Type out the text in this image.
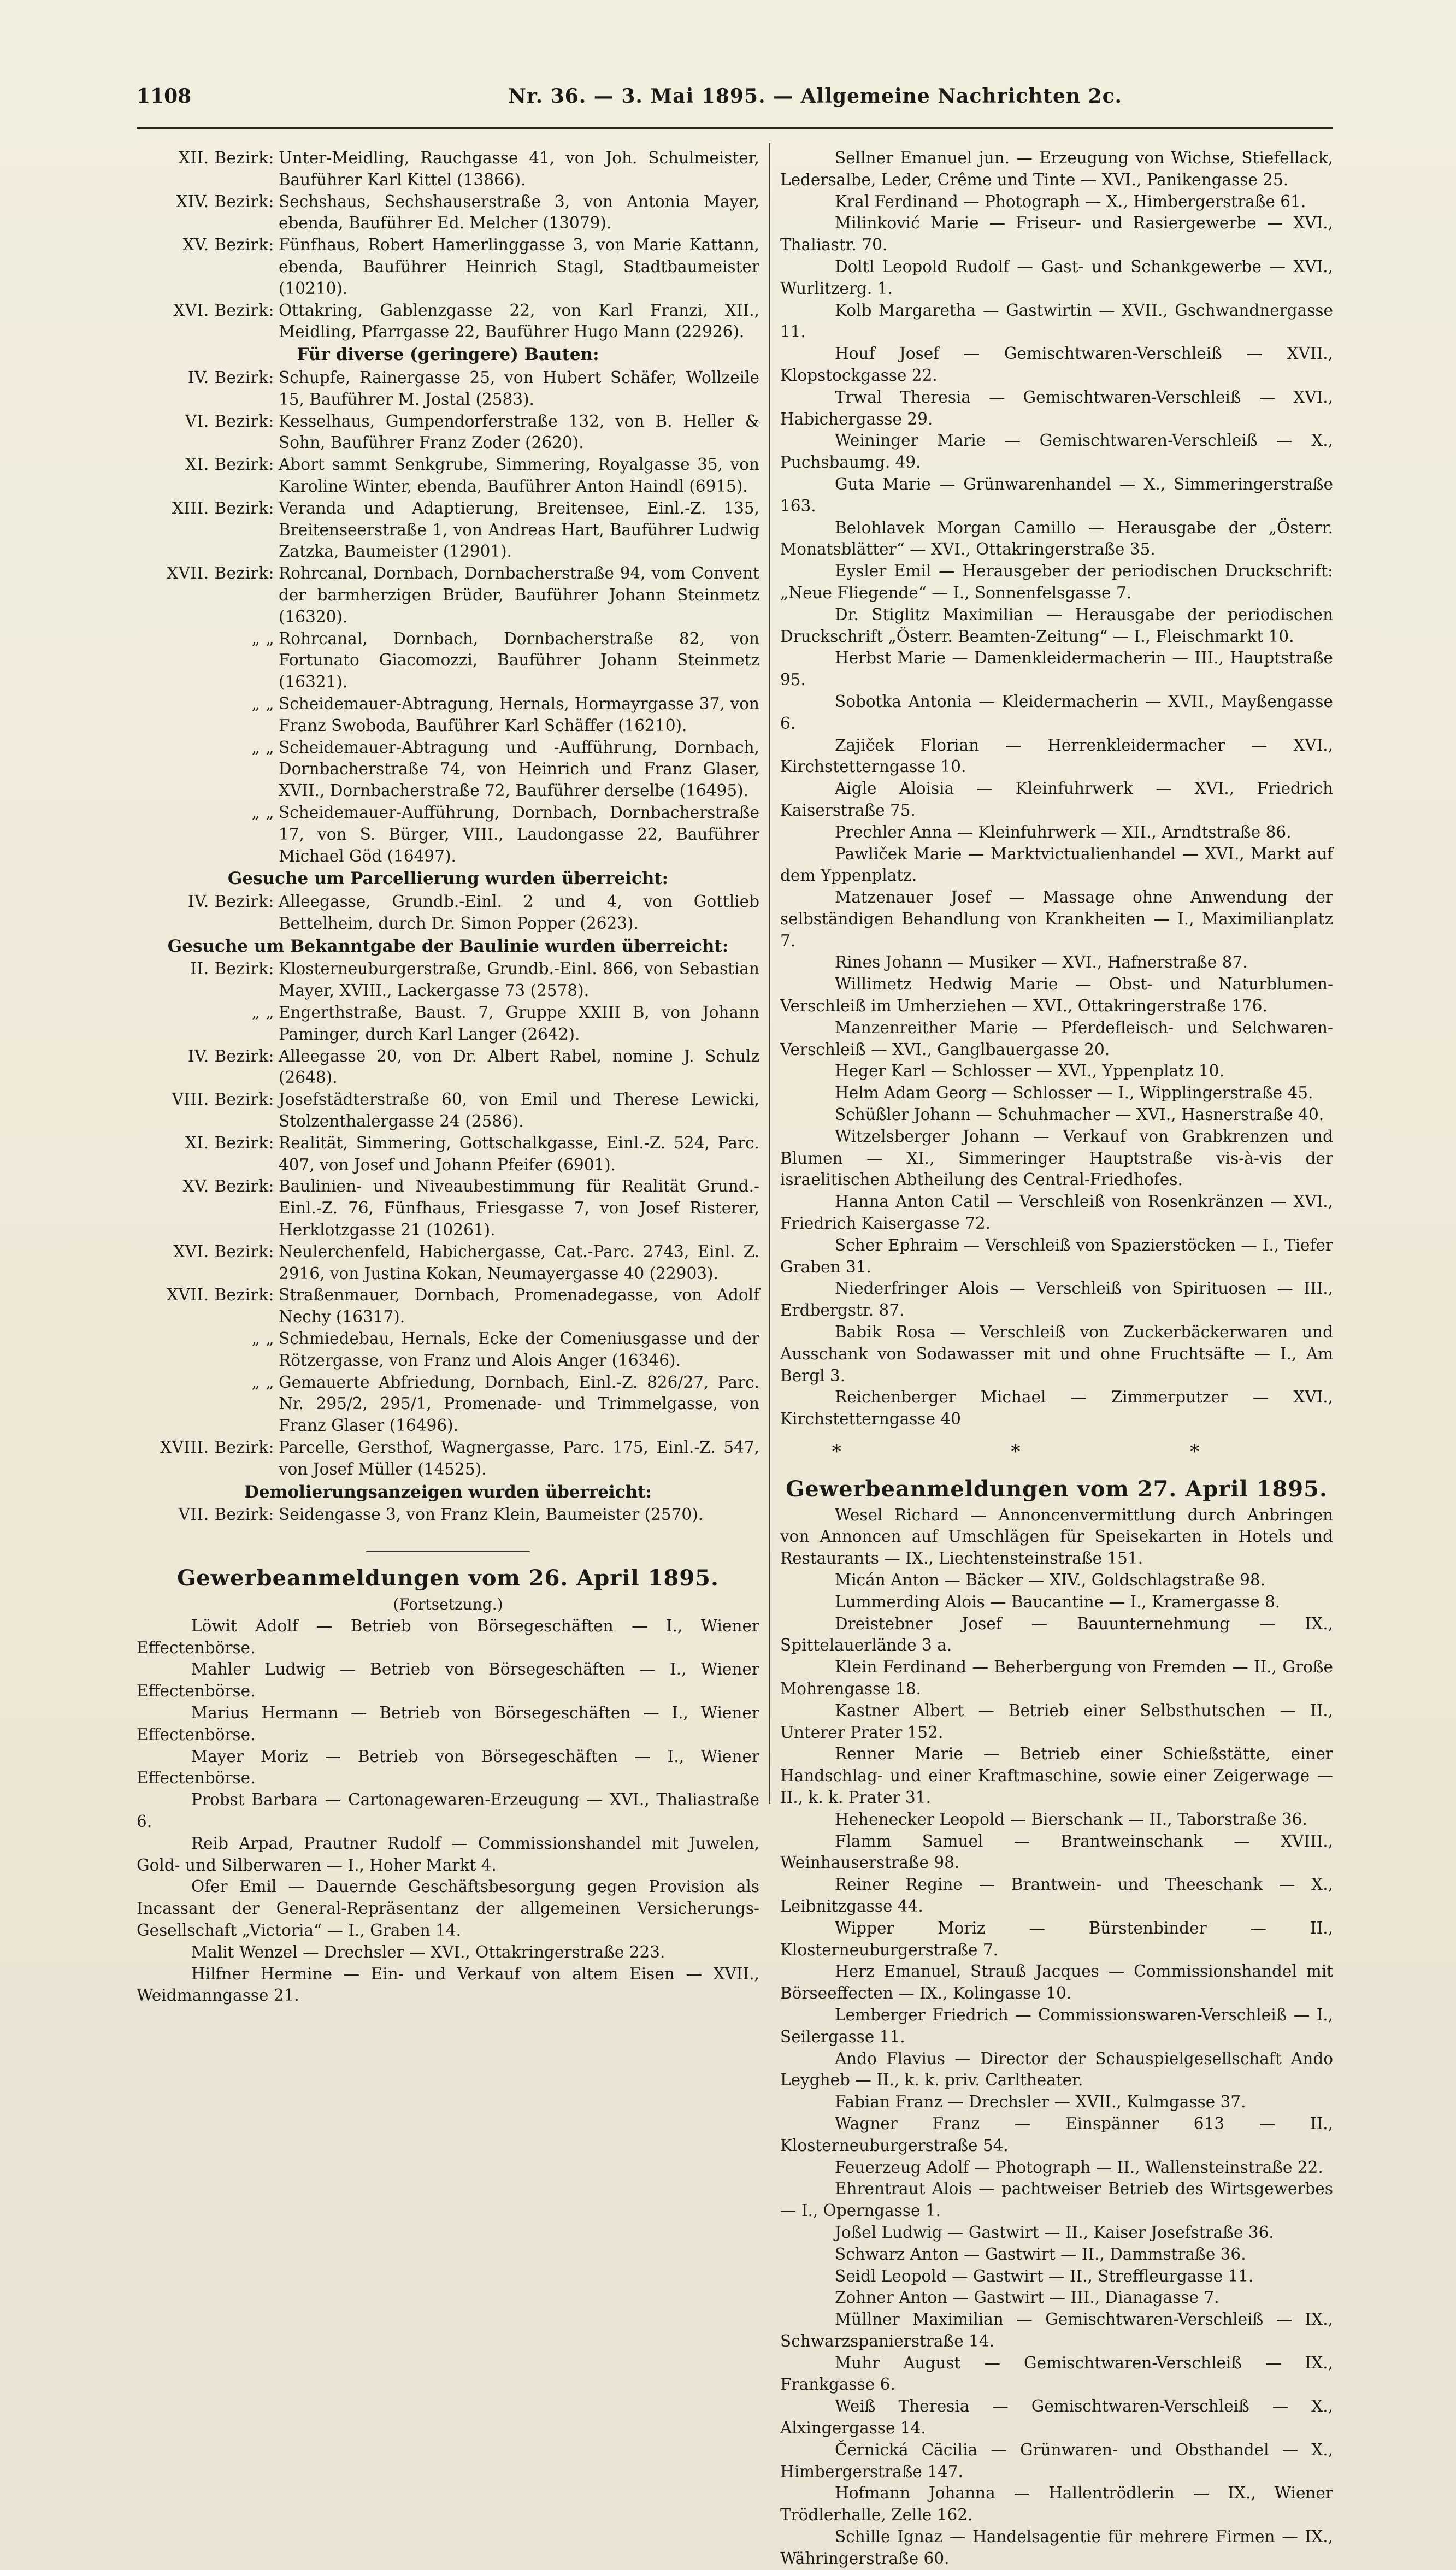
1108	Nr. 36. — 3. Mai 1895. — Allgemeine Nachrichten 2c.
XII. Bezirk: Unter-Meidling, Rauchgasse 41, von Joh. Schulmeister, Bauführer Karl Kittel (13866).
XIV. Bezirk: Sechshaus, Sechshauserstraße 3, von Antonia Mayer, ebenda, Bauführer Ed. Melcher (13079).
XV. Bezirk: Fünfhaus, Robert Hamerlinggasse 3, von Marie Kattann, ebenda, Bauführer Heinrich Stagl, Stadtbaumeister (10210).
XVI. Bezirk: Ottakring, Gablenzgasse 22, von Karl Franzi, XII., Meidling, Pfarrgasse 22, Bauführer Hugo Mann (22926).
Für diverse (geringere) Bauten:
IV. Bezirk: Schupfe, Rainergasse 25, von Hubert Schäfer, Wollzeile 15, Bauführer M. Jostal (2583).
VI. Bezirk: Kesselhaus, Gumpendorferstraße 132, von B. Heller & Sohn, Bauführer Franz Zoder (2620).
XI. Bezirk: Abort sammt Senkgrube, Simmering, Royalgasse 35, von Karoline Winter, ebenda, Bauführer Anton Haindl (6915).
XIII. Bezirk: Veranda und Adaptierung, Breitensee, Einl.-Z. 135, Breitenseerstraße 1, von Andreas Hart, Bauführer Ludwig Zatzka, Baumeister (12901).
XVII. Bezirk: Rohrcanal, Dornbach, Dornbacherstraße 94, vom Convent der barmherzigen Brüder, Bauführer Johann Steinmetz (16320).
„ „ Rohrcanal, Dornbach, Dornbacherstraße 82, von Fortunato Giacomozzi, Bauführer Johann Steinmetz (16321).
„ „ Scheidemauer-Abtragung, Hernals, Hormayrgasse 37, von Franz Swoboda, Bauführer Karl Schäffer (16210).
„ „ Scheidemauer-Abtragung und -Aufführung, Dornbach, Dornbacherstraße 74, von Heinrich und Franz Glaser, XVII., Dornbacherstraße 72, Bauführer derselbe (16495).
„ „ Scheidemauer-Aufführung, Dornbach, Dornbacherstraße 17, von S. Bürger, VIII., Laudongasse 22, Bauführer Michael Göd (16497).
Gesuche um Parcellierung wurden überreicht:
IV. Bezirk: Alleegasse, Grundb.-Einl. 2 und 4, von Gottlieb Bettelheim, durch Dr. Simon Popper (2623).
Gesuche um Bekanntgabe der Baulinie wurden überreicht:
II. Bezirk: Klosterneuburgerstraße, Grundb.-Einl. 866, von Sebastian Mayer, XVIII., Lackergasse 73 (2578).
„ „ Engerthstraße, Baust. 7, Gruppe XXIII B, von Johann Paminger, durch Karl Langer (2642).
IV. Bezirk: Alleegasse 20, von Dr. Albert Rabel, nomine J. Schulz (2648).
VIII. Bezirk: Josefstädterstraße 60, von Emil und Therese Lewicki, Stolzenthalergasse 24 (2586).
XI. Bezirk: Realität, Simmering, Gottschalkgasse, Einl.-Z. 524, Parc. 407, von Josef und Johann Pfeifer (6901).
XV. Bezirk: Baulinien- und Niveaubestimmung für Realität Grund.-Einl.-Z. 76, Fünfhaus, Friesgasse 7, von Josef Risterer, Herklotzgasse 21 (10261).
XVI. Bezirk: Neulerchenfeld, Habichergasse, Cat.-Parc. 2743, Einl. Z. 2916, von Justina Kokan, Neumayergasse 40 (22903).
XVII. Bezirk: Straßenmauer, Dornbach, Promenadegasse, von Adolf Nechy (16317).
„ „ Schmiedebau, Hernals, Ecke der Comeniusgasse und der Rötzergasse, von Franz und Alois Anger (16346).
„ „ Gemauerte Abfriedung, Dornbach, Einl.-Z. 826/27, Parc. Nr. 295/2, 295/1, Promenade- und Trimmelgasse, von Franz Glaser (16496).
XVIII. Bezirk: Parcelle, Gersthof, Wagnergasse, Parc. 175, Einl.-Z. 547, von Josef Müller (14525).
Demolierungsanzeigen wurden überreicht:
VII. Bezirk: Seidengasse 3, von Franz Klein, Baumeister (2570).
Gewerbeanmeldungen vom 26. April 1895.
(Fortsetzung.)
Löwit Adolf — Betrieb von Börsegeschäften — I., Wiener Effectenbörse.
Mahler Ludwig — Betrieb von Börsegeschäften — I., Wiener Effectenbörse.
Marius Hermann — Betrieb von Börsegeschäften — I., Wiener Effectenbörse.
Mayer Moriz — Betrieb von Börsegeschäften — I., Wiener Effectenbörse.
Probst Barbara — Cartonagewaren-Erzeugung — XVI., Thaliastraße 6.
Reib Arpad, Prautner Rudolf — Commissionshandel mit Juwelen, Gold- und Silberwaren — I., Hoher Markt 4.
Ofer Emil — Dauernde Geschäftsbesorgung gegen Provision als Incassant der General-Repräsentanz der allgemeinen Versicherungs-Gesellschaft „Victoria“ — I., Graben 14.
Malit Wenzel — Drechsler — XVI., Ottakringerstraße 223.
Hilfner Hermine — Ein- und Verkauf von altem Eisen — XVII., Weidmanngasse 21.
Sellner Emanuel jun. — Erzeugung von Wichse, Stiefellack, Ledersalbe, Leder, Crême und Tinte — XVI., Panikengasse 25.
Kral Ferdinand — Photograph — X., Himbergerstraße 61.
Milinković Marie — Friseur- und Rasiergewerbe — XVI., Thaliastr. 70.
Doltl Leopold Rudolf — Gast- und Schankgewerbe — XVI., Wurlitzerg. 1.
Kolb Margaretha — Gastwirtin — XVII., Gschwandnergasse 11.
Houf Josef — Gemischtwaren-Verschleiß — XVII., Klopstockgasse 22.
Trwal Theresia — Gemischtwaren-Verschleiß — XVI., Habichergasse 29.
Weininger Marie — Gemischtwaren-Verschleiß — X., Puchsbaumg. 49.
Guta Marie — Grünwarenhandel — X., Simmeringerstraße 163.
Belohlavek Morgan Camillo — Herausgabe der „Österr. Monatsblätter“ — XVI., Ottakringerstraße 35.
Eysler Emil — Herausgeber der periodischen Druckschrift: „Neue Fliegende“ — I., Sonnenfelsgasse 7.
Dr. Stiglitz Maximilian — Herausgabe der periodischen Druckschrift „Österr. Beamten-Zeitung“ — I., Fleischmarkt 10.
Herbst Marie — Damenkleidermacherin — III., Hauptstraße 95.
Sobotka Antonia — Kleidermacherin — XVII., Mayßengasse 6.
Zajiček Florian — Herrenkleidermacher — XVI., Kirchstetterngasse 10.
Aigle Aloisia — Kleinfuhrwerk — XVI., Friedrich Kaiserstraße 75.
Prechler Anna — Kleinfuhrwerk — XII., Arndtstraße 86.
Pawliček Marie — Marktvictualienhandel — XVI., Markt auf dem Yppenplatz.
Matzenauer Josef — Massage ohne Anwendung der selbständigen Behandlung von Krankheiten — I., Maximilianplatz 7.
Rines Johann — Musiker — XVI., Hafnerstraße 87.
Willimetz Hedwig Marie — Obst- und Naturblumen-Verschleiß im Umherziehen — XVI., Ottakringerstraße 176.
Manzenreither Marie — Pferdefleisch- und Selchwaren-Verschleiß — XVI., Ganglbauergasse 20.
Heger Karl — Schlosser — XVI., Yppenplatz 10.
Helm Adam Georg — Schlosser — I., Wipplingerstraße 45.
Schüßler Johann — Schuhmacher — XVI., Hasnerstraße 40.
Witzelsberger Johann — Verkauf von Grabkrenzen und Blumen — XI., Simmeringer Hauptstraße vis-à-vis der israelitischen Abtheilung des Central-Friedhofes.
Hanna Anton Catil — Verschleiß von Rosenkränzen — XVI., Friedrich Kaisergasse 72.
Scher Ephraim — Verschleiß von Spazierstöcken — I., Tiefer Graben 31.
Niederfringer Alois — Verschleiß von Spirituosen — III., Erdbergstr. 87.
Babik Rosa — Verschleiß von Zuckerbäckerwaren und Ausschank von Sodawasser mit und ohne Fruchtsäfte — I., Am Bergl 3.
Reichenberger Michael — Zimmerputzer — XVI., Kirchstetterngasse 40
* * *
Gewerbeanmeldungen vom 27. April 1895.
Wesel Richard — Annoncenvermittlung durch Anbringen von Annoncen auf Umschlägen für Speisekarten in Hotels und Restaurants — IX., Liechtensteinstraße 151.
Micán Anton — Bäcker — XIV., Goldschlagstraße 98.
Lummerding Alois — Baucantine — I., Kramergasse 8.
Dreistebner Josef — Bauunternehmung — IX., Spittelauerlände 3 a.
Klein Ferdinand — Beherbergung von Fremden — II., Große Mohrengasse 18.
Kastner Albert — Betrieb einer Selbsthutschen — II., Unterer Prater 152.
Renner Marie — Betrieb einer Schießstätte, einer Handschlag- und einer Kraftmaschine, sowie einer Zeigerwage — II., k. k. Prater 31.
Hehenecker Leopold — Bierschank — II., Taborstraße 36.
Flamm Samuel — Brantweinschank — XVIII., Weinhauserstraße 98.
Reiner Regine — Brantwein- und Theeschank — X., Leibnitzgasse 44.
Wipper Moriz — Bürstenbinder — II., Klosterneuburgerstraße 7.
Herz Emanuel, Strauß Jacques — Commissionshandel mit Börseeffecten — IX., Kolingasse 10.
Lemberger Friedrich — Commissionswaren-Verschleiß — I., Seilergasse 11.
Ando Flavius — Director der Schauspielgesellschaft Ando Leygheb — II., k. k. priv. Carltheater.
Fabian Franz — Drechsler — XVII., Kulmgasse 37.
Wagner Franz — Einspänner 613 — II., Klosterneuburgerstraße 54.
Feuerzeug Adolf — Photograph — II., Wallensteinstraße 22.
Ehrentraut Alois — pachtweiser Betrieb des Wirtsgewerbes — I., Operngasse 1.
Joßel Ludwig — Gastwirt — II., Kaiser Josefstraße 36.
Schwarz Anton — Gastwirt — II., Dammstraße 36.
Seidl Leopold — Gastwirt — II., Streffleurgasse 11.
Zohner Anton — Gastwirt — III., Dianagasse 7.
Müllner Maximilian — Gemischtwaren-Verschleiß — IX., Schwarzspanierstraße 14.
Muhr August — Gemischtwaren-Verschleiß — IX., Frankgasse 6.
Weiß Theresia — Gemischtwaren-Verschleiß — X., Alxingergasse 14.
Černická Cäcilia — Grünwaren- und Obsthandel — X., Himbergerstraße 147.
Hofmann Johanna — Hallentrödlerin — IX., Wiener Trödlerhalle, Zelle 162.
Schille Ignaz — Handelsagentie für mehrere Firmen — IX., Währingerstraße 60.
